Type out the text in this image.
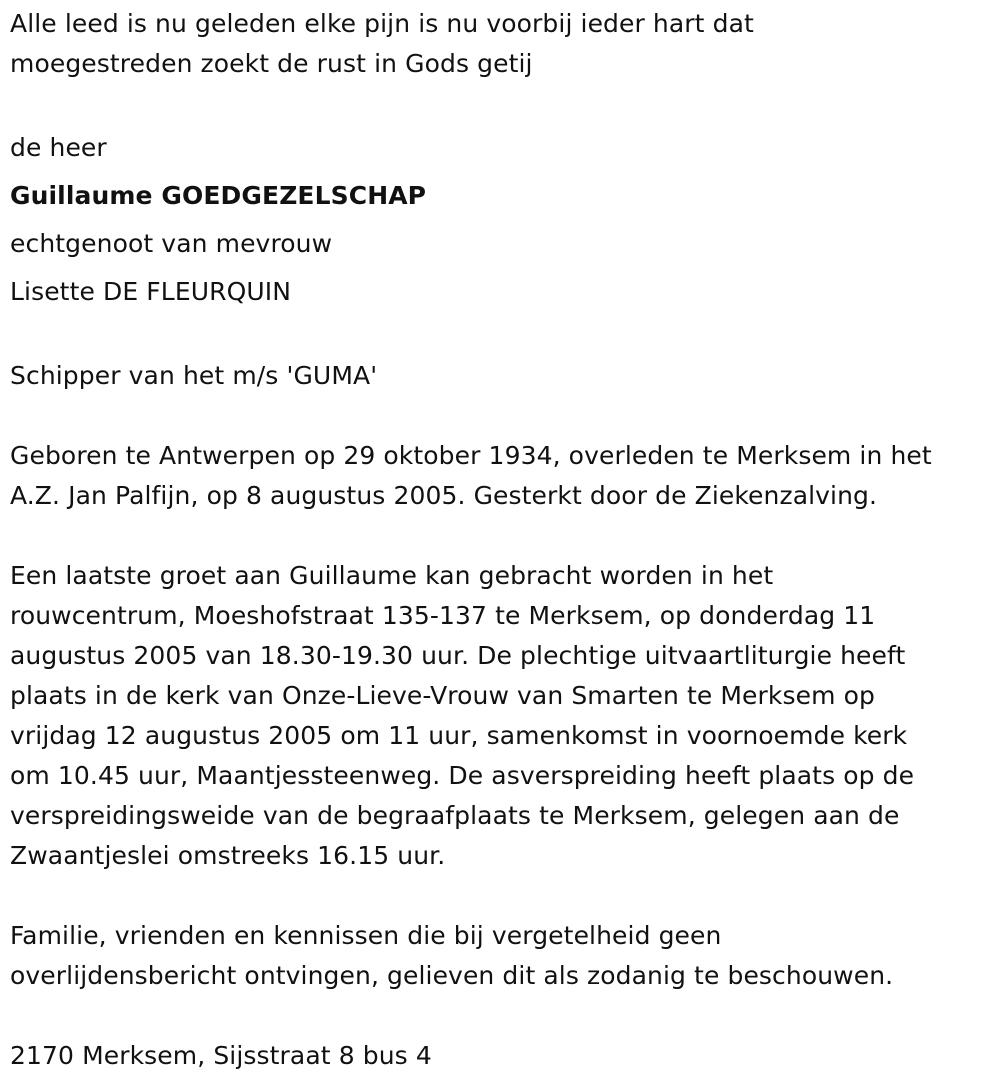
Alle leed is nu geleden elke pijn is nu voorbij ieder hart dat

moegestreden zoekt de rust in Gods getij

de heer

Guillaume GOEDGEZELSCHAP

echtgenoot van mevrouw

Lisette DE FLEURQUIN

Schipper van het m/s 'GUMA'

Geboren te Antwerpen op 29 oktober 1934, overleden te Merksem in het

A.Z. Jan Palfijn, op 8 augustus 2005. Gesterkt door de Ziekenzalving.

Een laatste groet aan Guillaume kan gebracht worden in het

rouwcentrum, Moeshofstraat 135-137 te Merksem, op donderdag 11

augustus 2005 van 18.30-19.30 uur. De plechtige uitvaartliturgie heeft

plaats in de kerk van Onze-Lieve-Vrouw van Smarten te Merksem op

vrijdag 12 augustus 2005 om 11 uur, samenkomst in voornoemde kerk

om 10.45 uur, Maantjessteenweg. De asverspreiding heeft plaats op de

verspreidingsweide van de begraafplaats te Merksem, gelegen aan de

Zwaantjeslei omstreeks 16.15 uur.

Familie, vrienden en kennissen die bij vergetelheid geen

overlijdensbericht ontvingen, gelieven dit als zodanig te beschouwen.

2170 Merksem, Sijsstraat 8 bus 4
